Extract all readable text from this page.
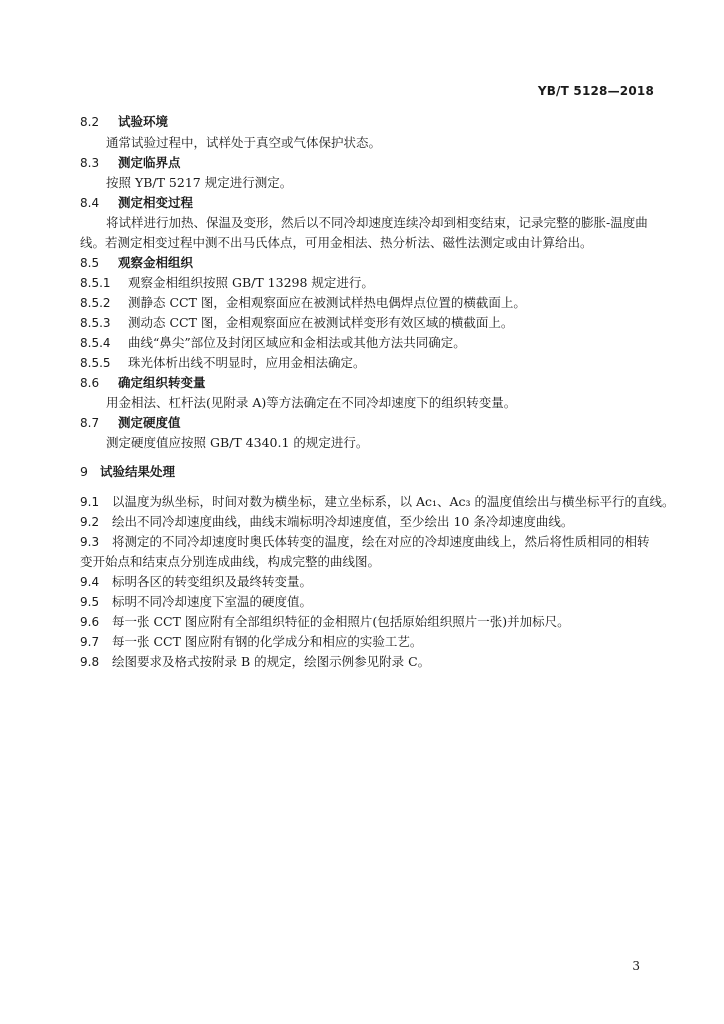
YB/T 5128—2018
8.2 试验环境
通常试验过程中，试样处于真空或气体保护状态。
8.3 测定临界点
按照 YB/T 5217 规定进行测定。
8.4 测定相变过程
将试样进行加热、保温及变形，然后以不同冷却速度连续冷却到相变结束，记录完整的膨胀-温度曲
线。若测定相变过程中测不出马氏体点，可用金相法、热分析法、磁性法测定或由计算给出。
8.5 观察金相组织
8.5.1 观察金相组织按照 GB/T 13298 规定进行。
8.5.2 测静态 CCT 图，金相观察面应在被测试样热电偶焊点位置的横截面上。
8.5.3 测动态 CCT 图，金相观察面应在被测试样变形有效区域的横截面上。
8.5.4 曲线“鼻尖”部位及封闭区域应和金相法或其他方法共同确定。
8.5.5 珠光体析出线不明显时，应用金相法确定。
8.6 确定组织转变量
用金相法、杠杆法(见附录 A)等方法确定在不同冷却速度下的组织转变量。
8.7 测定硬度值
测定硬度值应按照 GB/T 4340.1 的规定进行。
9 试验结果处理
9.1 以温度为纵坐标，时间对数为横坐标，建立坐标系，以 Ac₁、Ac₃ 的温度值绘出与横坐标平行的直线。
9.2 绘出不同冷却速度曲线，曲线末端标明冷却速度值，至少绘出 10 条冷却速度曲线。
9.3 将测定的不同冷却速度时奥氏体转变的温度，绘在对应的冷却速度曲线上，然后将性质相同的相转
变开始点和结束点分别连成曲线，构成完整的曲线图。
9.4 标明各区的转变组织及最终转变量。
9.5 标明不同冷却速度下室温的硬度值。
9.6 每一张 CCT 图应附有全部组织特征的金相照片(包括原始组织照片一张)并加标尺。
9.7 每一张 CCT 图应附有钢的化学成分和相应的实验工艺。
9.8 绘图要求及格式按附录 B 的规定，绘图示例参见附录 C。
3
